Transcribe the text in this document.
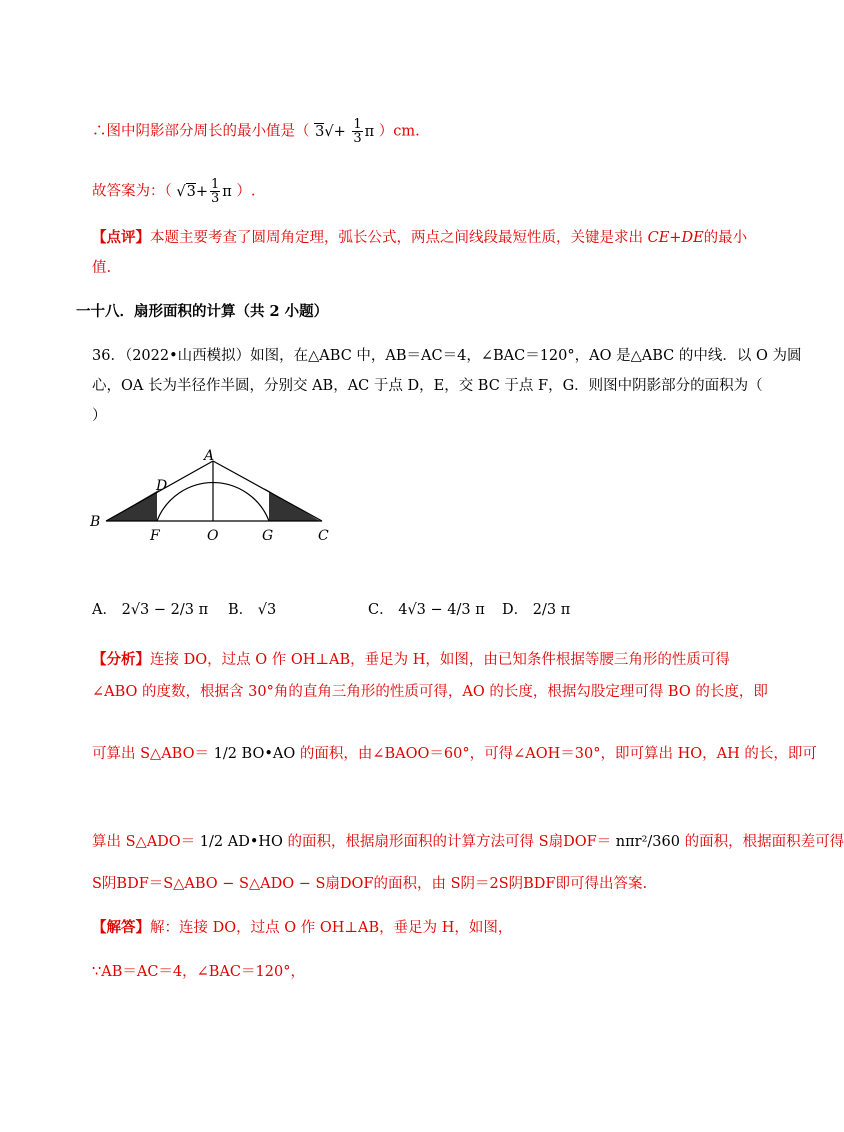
∴图中阴影部分周长的最小值是（ $3√+ \frac{1}{3}$ π ）cm.
故答案为：（ $√3+ \frac{1}{3}$ π ）.
【点评】本题主要考查了圆周角定理，弧长公式，两点之间线段最短性质，关键是求出 CE+DE的最小
值.
一十八．扇形面积的计算（共 2 小题）
36．（2022•山西模拟）如图，在△ABC 中，AB＝AC＝4，∠BAC＝120°，AO 是△ABC 的中线．以 O 为圆
心，OA 长为半径作半圆，分别交 AB，AC 于点 D，E，交 BC 于点 F，G．则图中阴影部分的面积为（
）
A
B
C
D
F	O	G
A． 2√3 − 2/3 π B． √3	C． 4√3 − 4/3 π D． 2/3 π
【分析】连接 DO，过点 O 作 OH⊥AB，垂足为 H，如图，由已知条件根据等腰三角形的性质可得
∠ABO 的度数，根据含 30°角的直角三角形的性质可得，AO 的长度，根据勾股定理可得 BO 的长度，即
可算出 S△ABO＝ 1/2 BO•AO 的面积，由∠BAOO＝60°，可得∠AOH＝30°，即可算出 HO，AH 的长，即可
算出 S△ADO＝ 1/2 AD•HO 的面积，根据扇形面积的计算方法可得 S扇DOF＝ nπr²/360 的面积，根据面积差可得
S阴BDF＝S△ABO − S△ADO − S扇DOF的面积，由 S阴＝2S阴BDF即可得出答案.
【解答】解：连接 DO，过点 O 作 OH⊥AB，垂足为 H，如图，
∵AB＝AC＝4，∠BAC＝120°，
